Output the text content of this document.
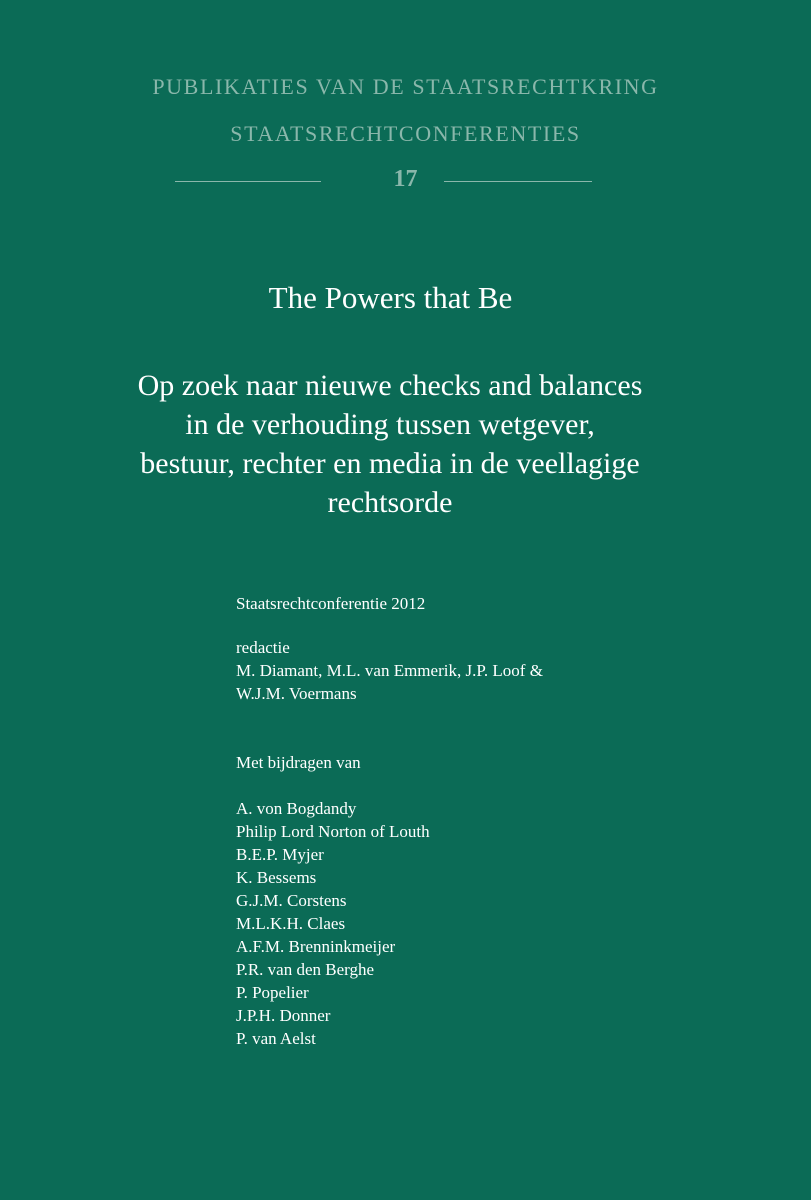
PUBLIKATIES VAN DE STAATSRECHTKRING
STAATSRECHTCONFERENTIES
17
The Powers that Be
Op zoek naar nieuwe checks and balances
in de verhouding tussen wetgever,
bestuur, rechter en media in de veellagige
rechtsorde
Staatsrechtconferentie 2012
redactie
M. Diamant, M.L. van Emmerik, J.P. Loof &
W.J.M. Voermans
Met bijdragen van
A. von Bogdandy
Philip Lord Norton of Louth
B.E.P. Myjer
K. Bessems
G.J.M. Corstens
M.L.K.H. Claes
A.F.M. Brenninkmeijer
P.R. van den Berghe
P. Popelier
J.P.H. Donner
P. van Aelst
